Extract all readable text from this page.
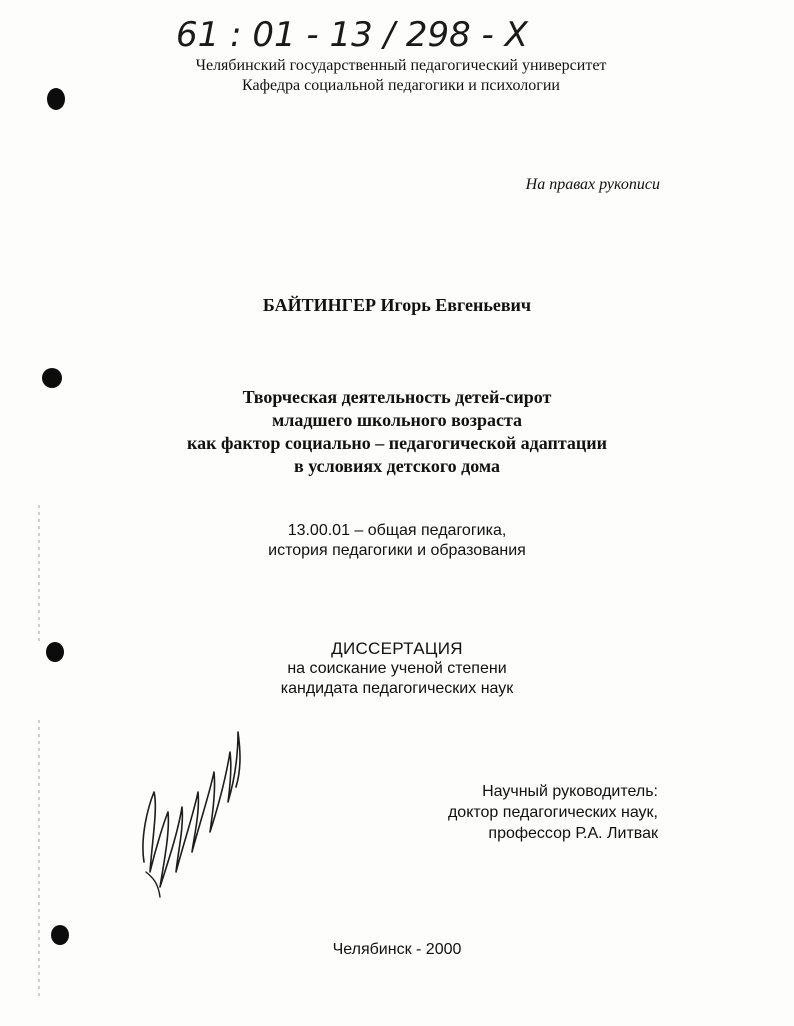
61 : 01 - 13 / 298 - X
Челябинский государственный педагогический университет
Кафедра социальной педагогики и психологии
На правах рукописи
БАЙТИНГЕР Игорь Евгеньевич
Творческая деятельность детей-сирот
младшего школьного возраста
как фактор социально – педагогической адаптации
в условиях детского дома
13.00.01 – общая педагогика,
история педагогики и образования
ДИССЕРТАЦИЯ
на соискание ученой степени
кандидата педагогических наук
Научный руководитель:
доктор педагогических наук,
профессор Р.А. Литвак
Челябинск - 2000
